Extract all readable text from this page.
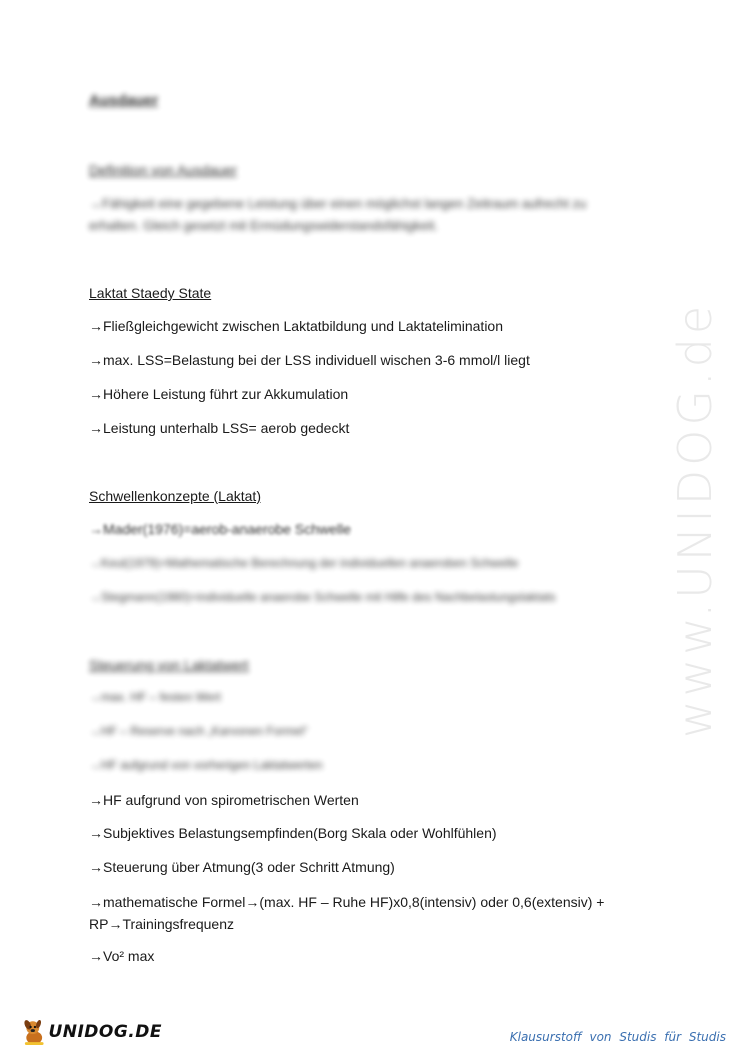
www.UNIDOG.de
Ausdauer
Definition von Ausdauer
→Fähigkeit eine gegebene Leistung über einen möglichst langen Zeitraum aufrecht zu erhalten. Gleich gesetzt mit Ermüdungswiderstandsfähigkeit.
Laktat Staedy State
→Fließgleichgewicht zwischen Laktatbildung und Laktatelimination
→max. LSS=Belastung bei der LSS individuell wischen 3-6 mmol/l liegt
→Höhere Leistung führt zur Akkumulation
→Leistung unterhalb LSS= aerob gedeckt
Schwellenkonzepte (Laktat)
→Mader(1976)=aerob-anaerobe Schwelle
→Keul(1979)=Mathematische Berechnung der individuellen anaeroben Schwelle
→Stegmann(1980)=individuelle anaerobe Schwelle mit Hilfe des Nachbelastungslaktats
Steuerung von Laktatwert
→max. HF – festen Wert
→HF – Reserve nach „Karvonen Formel“
→HF aufgrund von vorherigen Laktatwerten
→HF aufgrund von spirometrischen Werten
→Subjektives Belastungsempfinden(Borg Skala oder Wohlfühlen)
→Steuerung über Atmung(3 oder Schritt Atmung)
→mathematische Formel→(max. HF – Ruhe HF)x0,8(intensiv) oder 0,6(extensiv) +
RP→Trainingsfrequenz
→Vo² max
UNIDOG.DE	Klausurstoff von Studis für Studis
